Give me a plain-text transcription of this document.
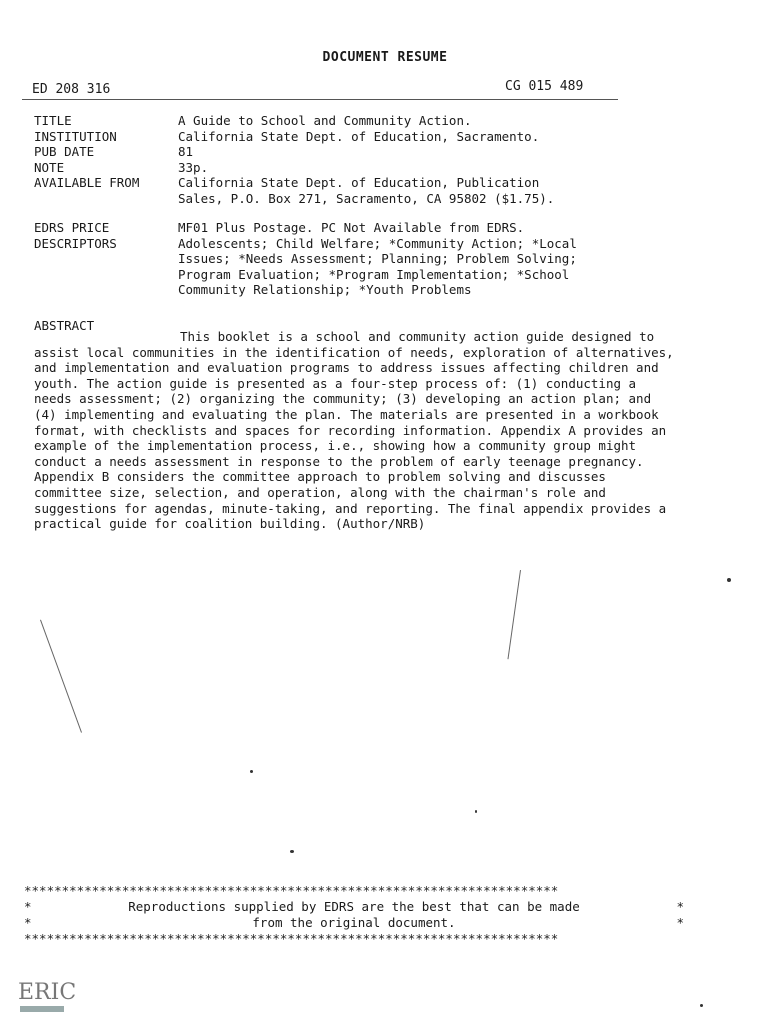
DOCUMENT RESUME
ED 208 316	CG 015 489
TITLE	A Guide to School and Community Action.
INSTITUTION	California State Dept. of Education, Sacramento.
PUB DATE	81
NOTE	33p.
AVAILABLE FROM	California State Dept. of Education, Publication
Sales, P.O. Box 271, Sacramento, CA 95802 ($1.75).
EDRS PRICE	MF01 Plus Postage. PC Not Available from EDRS.
DESCRIPTORS	Adolescents; Child Welfare; *Community Action; *Local
Issues; *Needs Assessment; Planning; Problem Solving;
Program Evaluation; *Program Implementation; *School
Community Relationship; *Youth Problems
ABSTRACT
This booklet is a school and community action guide designed to assist local communities in the identification of needs, exploration of alternatives, and implementation and evaluation programs to address issues affecting children and youth. The action guide is presented as a four-step process of: (1) conducting a needs assessment; (2) organizing the community; (3) developing an action plan; and (4) implementing and evaluating the plan. The materials are presented in a workbook format, with checklists and spaces for recording information. Appendix A provides an example of the implementation process, i.e., showing how a community group might conduct a needs assessment in response to the problem of early teenage pregnancy. Appendix B considers the committee approach to problem solving and discusses committee size, selection, and operation, along with the chairman's role and suggestions for agendas, minute-taking, and reporting. The final appendix provides a practical guide for coalition building. (Author/NRB)
***********************************************************************
*	Reproductions supplied by EDRS are the best that can be made	*
*	from the original document.	*
***********************************************************************
ERIC
